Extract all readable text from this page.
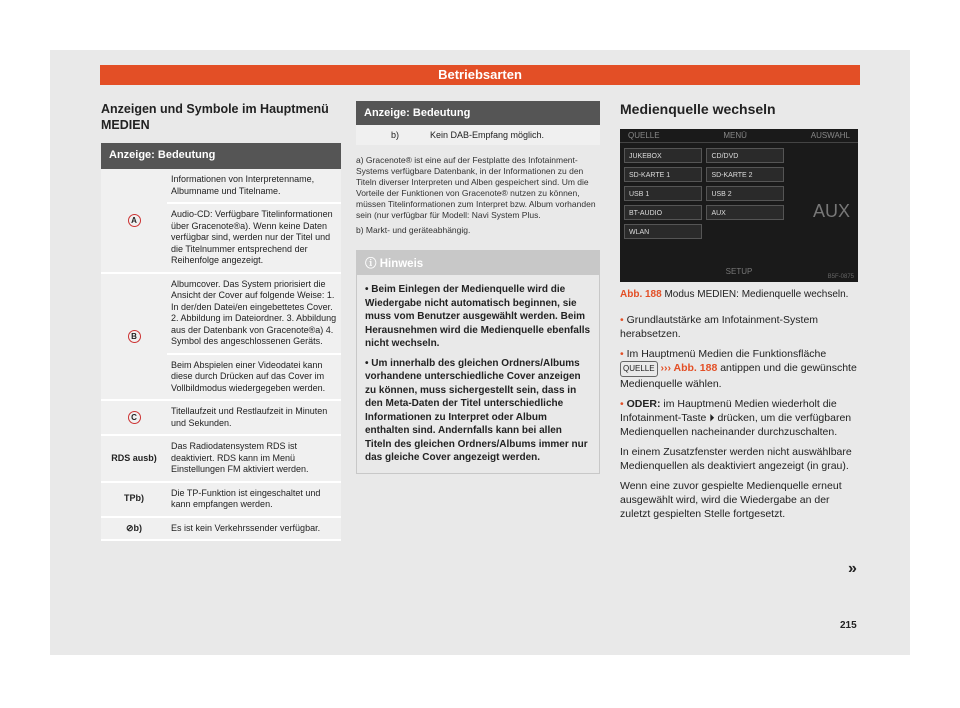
Betriebsarten
Anzeigen und Symbole im Hauptmenü MEDIEN
Anzeige: Bedeutung	
A	Informationen von Interpretenname, Albumname und Titelname.
	Audio-CD: Verfügbare Titelinformationen über Gracenote®a). Wenn keine Daten verfügbar sind, werden nur der Titel und die Titelnummer entsprechend der Reihenfolge angezeigt.
B	Albumcover. Das System priorisiert die Ansicht der Cover auf folgende Weise: 1. In der/den Datei/en eingebettetes Cover. 2. Abbildung im Dateiordner. 3. Abbildung aus der Datenbank von Gracenote®a) 4. Symbol des angeschlossenen Geräts.
	Beim Abspielen einer Videodatei kann diese durch Drücken auf das Cover im Vollbildmodus wiedergegeben werden.
C	Titellaufzeit und Restlaufzeit in Minuten und Sekunden.
RDS ausb)	Das Radiodatensystem RDS ist deaktiviert. RDS kann im Menü Einstellungen FM aktiviert werden.
TPb)	Die TP-Funktion ist eingeschaltet und kann empfangen werden.
⊘b)	Es ist kein Verkehrssender verfügbar.
Anzeige: Bedeutung
b)	Kein DAB-Empfang möglich.
a) Gracenote® ist eine auf der Festplatte des Infotainment-Systems verfügbare Datenbank, in der Informationen zu den Titeln diverser Interpreten und Alben gespeichert sind. Um die Vorteile der Funktionen von Gracenote® nutzen zu können, müssen Titelinformationen zum Interpret bzw. Album vorhanden sein (nur verfügbar für Modell: Navi System Plus.
b) Markt- und geräteabhängig.
ⓘ Hinweis
• Beim Einlegen der Medienquelle wird die Wiedergabe nicht automatisch beginnen, sie muss vom Benutzer ausgewählt werden. Beim Herausnehmen wird die Medienquelle ebenfalls nicht wechseln.
• Um innerhalb des gleichen Ordners/Albums vorhandene unterschiedliche Cover anzeigen zu können, muss sichergestellt sein, dass in den Meta-Daten der Titel unterschiedliche Informationen zu Interpret oder Album enthalten sind. Andernfalls kann bei allen Titeln des gleichen Ordners/Albums immer nur das gleiche Cover angezeigt werden.
Medienquelle wechseln
QUELLE	MENÜ	AUSWAHL
JUKEBOX	CD/DVD SD-KARTE 1	SD-KARTE 2 USB 1	USB 2 BT-AUDIO	AUX WLAN
AUX
SETUP
B5F-0875
Abb. 188 Modus MEDIEN: Medienquelle wechseln.

• Grundlautstärke am Infotainment-System herabsetzen.

• Im Hauptmenü Medien die Funktionsfläche QUELLE ››› Abb. 188 antippen und die gewünschte Medienquelle wählen.

• ODER: im Hauptmenü Medien wiederholt die Infotainment-Taste ⏵ drücken, um die verfügbaren Medienquellen nacheinander durchzuschalten.

In einem Zusatzfenster werden nicht auswählbare Medienquellen als deaktiviert angezeigt (in grau).

Wenn eine zuvor gespielte Medienquelle erneut ausgewählt wird, wird die Wiedergabe an der zuletzt gespielten Stelle fortgesetzt.

»
215
